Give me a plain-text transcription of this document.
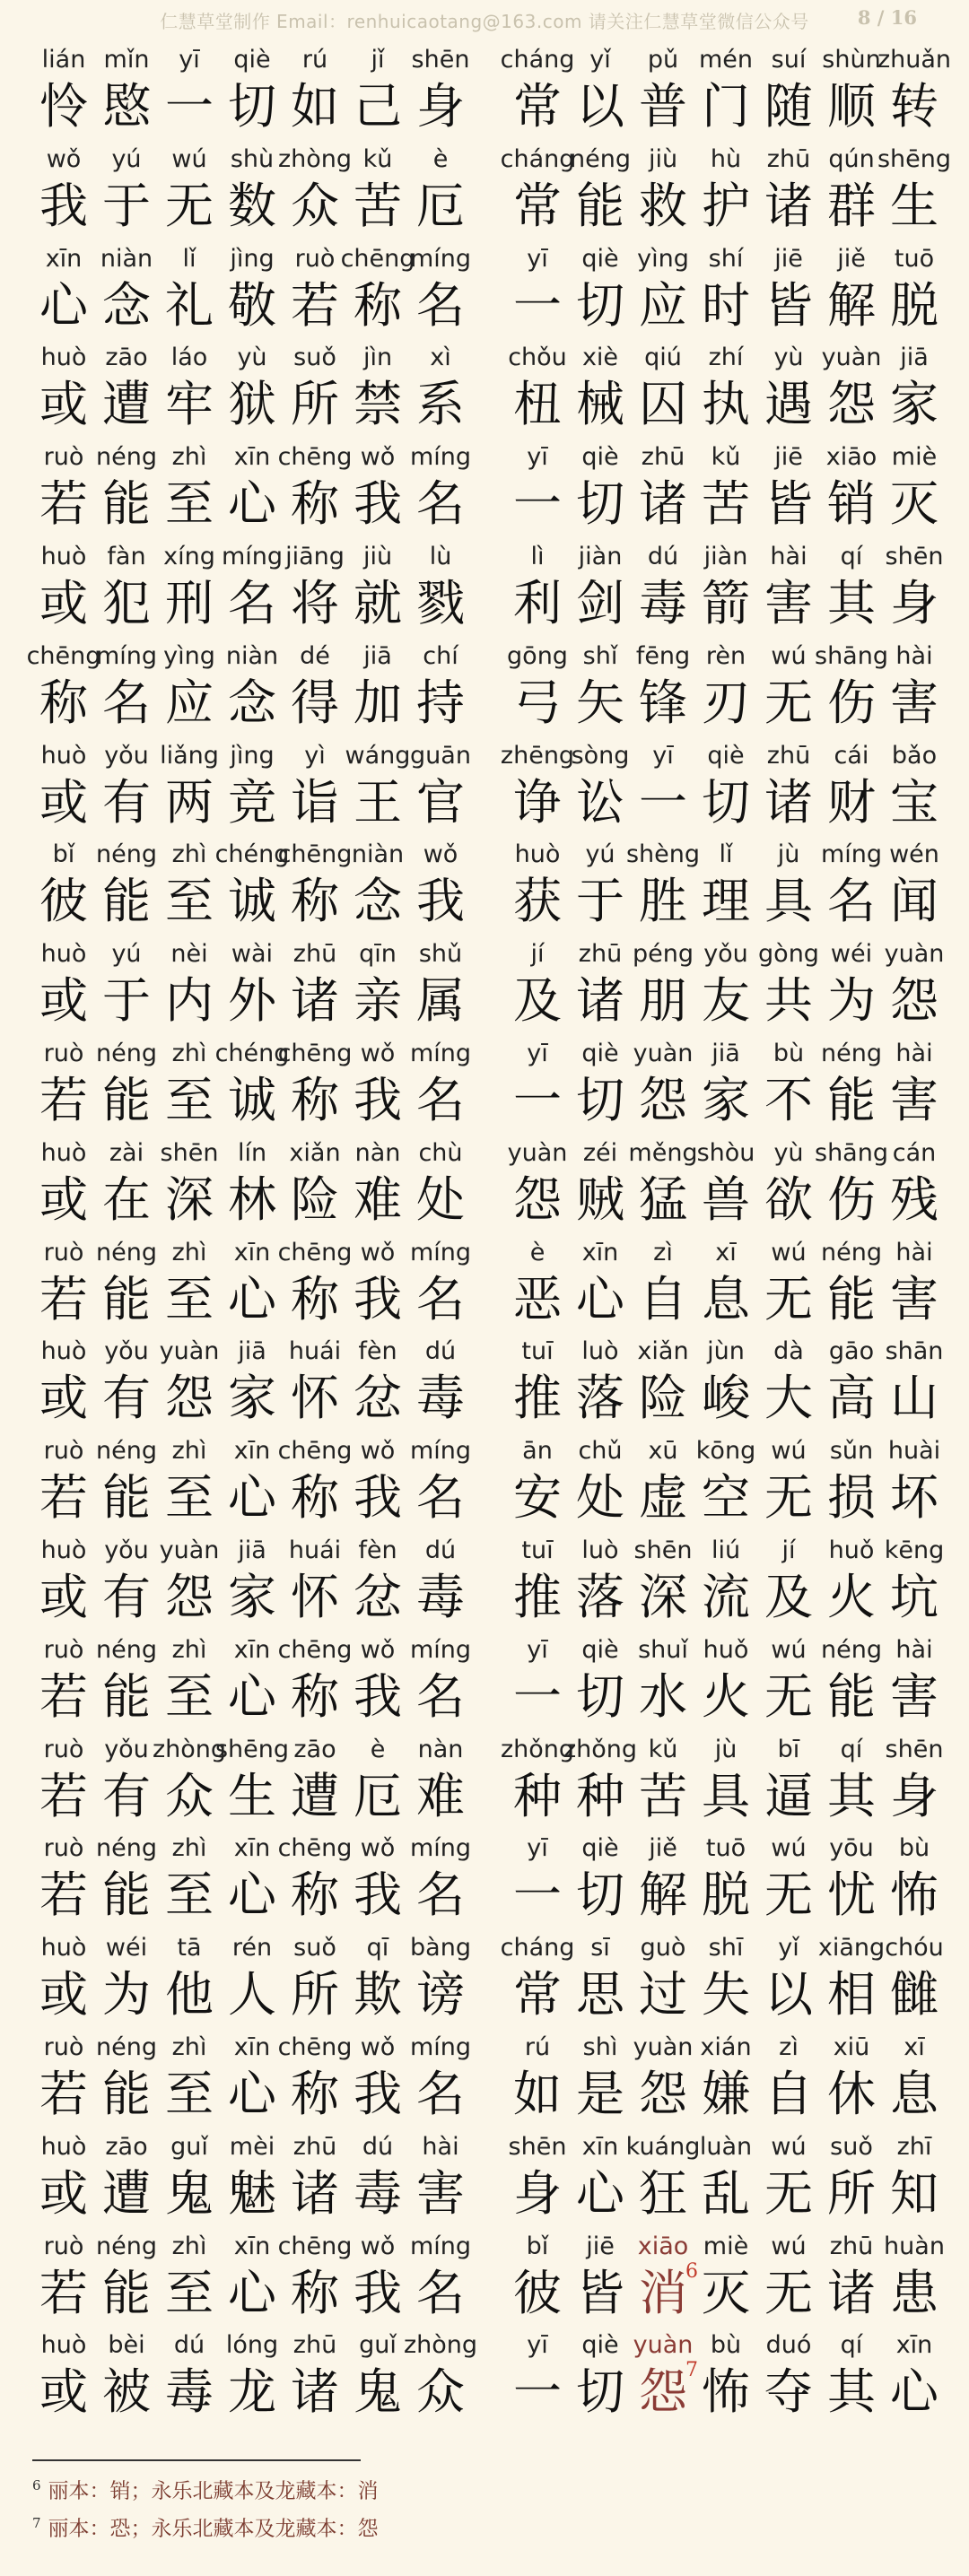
仁慧草堂制作 Email：renhuicaotang@163.com 请关注仁慧草堂微信公众号	8 / 16
lián
怜
mǐn
愍
yī
一
qiè
切
rú
如
jǐ
己
shēn
身
wǒ
我
yú
于
wú
无
shù
数
zhòng
众
kǔ
苦
è
厄
xīn
心
niàn
念
lǐ
礼
jìng
敬
ruò
若
chēng
称
míng
名
huò
或
zāo
遭
láo
牢
yù
狱
suǒ
所
jìn
禁
xì
系
ruò
若
néng
能
zhì
至
xīn
心
chēng
称
wǒ
我
míng
名
huò
或
fàn
犯
xíng
刑
míng
名
jiāng
将
jiù
就
lù
戮
chēng
称
míng
名
yìng
应
niàn
念
dé
得
jiā
加
chí
持
huò
或
yǒu
有
liǎng
两
jìng
竞
yì
诣
wáng
王
guān
官
bǐ
彼
néng
能
zhì
至
chéng
诚
chēng
称
niàn
念
wǒ
我
huò
或
yú
于
nèi
内
wài
外
zhū
诸
qīn
亲
shǔ
属
ruò
若
néng
能
zhì
至
chéng
诚
chēng
称
wǒ
我
míng
名
huò
或
zài
在
shēn
深
lín
林
xiǎn
险
nàn
难
chù
处
ruò
若
néng
能
zhì
至
xīn
心
chēng
称
wǒ
我
míng
名
huò
或
yǒu
有
yuàn
怨
jiā
家
huái
怀
fèn
忿
dú
毒
ruò
若
néng
能
zhì
至
xīn
心
chēng
称
wǒ
我
míng
名
huò
或
yǒu
有
yuàn
怨
jiā
家
huái
怀
fèn
忿
dú
毒
ruò
若
néng
能
zhì
至
xīn
心
chēng
称
wǒ
我
míng
名
ruò
若
yǒu
有
zhòng
众
shēng
生
zāo
遭
è
厄
nàn
难
ruò
若
néng
能
zhì
至
xīn
心
chēng
称
wǒ
我
míng
名
huò
或
wéi
为
tā
他
rén
人
suǒ
所
qī
欺
bàng
谤
ruò
若
néng
能
zhì
至
xīn
心
chēng
称
wǒ
我
míng
名
huò
或
zāo
遭
guǐ
鬼
mèi
魅
zhū
诸
dú
毒
hài
害
ruò
若
néng
能
zhì
至
xīn
心
chēng
称
wǒ
我
míng
名
huò
或
bèi
被
dú
毒
lóng
龙
zhū
诸
guǐ
鬼
zhòng
众
cháng
常
yǐ
以
pǔ
普
mén
门
suí
随
shùn
顺
zhuǎn
转
cháng
常
néng
能
jiù
救
hù
护
zhū
诸
qún
群
shēng
生
yī
一
qiè
切
yìng
应
shí
时
jiē
皆
jiě
解
tuō
脱
chǒu
杻
xiè
械
qiú
囚
zhí
执
yù
遇
yuàn
怨
jiā
家
yī
一
qiè
切
zhū
诸
kǔ
苦
jiē
皆
xiāo
销
miè
灭
lì
利
jiàn
剑
dú
毒
jiàn
箭
hài
害
qí
其
shēn
身
gōng
弓
shǐ
矢
fēng
锋
rèn
刃
wú
无
shāng
伤
hài
害
zhēng
诤
sòng
讼
yī
一
qiè
切
zhū
诸
cái
财
bǎo
宝
huò
获
yú
于
shèng
胜
lǐ
理
jù
具
míng
名
wén
闻
jí
及
zhū
诸
péng
朋
yǒu
友
gòng
共
wéi
为
yuàn
怨
yī
一
qiè
切
yuàn
怨
jiā
家
bù
不
néng
能
hài
害
yuàn
怨
zéi
贼
měng
猛
shòu
兽
yù
欲
shāng
伤
cán
残
è
恶
xīn
心
zì
自
xī
息
wú
无
néng
能
hài
害
tuī
推
luò
落
xiǎn
险
jùn
峻
dà
大
gāo
高
shān
山
ān
安
chǔ
处
xū
虚
kōng
空
wú
无
sǔn
损
huài
坏
tuī
推
luò
落
shēn
深
liú
流
jí
及
huǒ
火
kēng
坑
yī
一
qiè
切
shuǐ
水
huǒ
火
wú
无
néng
能
hài
害
zhǒng
种
zhǒng
种
kǔ
苦
jù
具
bī
逼
qí
其
shēn
身
yī
一
qiè
切
jiě
解
tuō
脱
wú
无
yōu
忧
bù
怖
cháng
常
sī
思
guò
过
shī
失
yǐ
以
xiāng
相
chóu
雠
rú
如
shì
是
yuàn
怨
xián
嫌
zì
自
xiū
休
xī
息
shēn
身
xīn
心
kuáng
狂
luàn
乱
wú
无
suǒ
所
zhī
知
bǐ
彼
jiē
皆
xiāo
消
6
miè
灭
wú
无
zhū
诸
huàn
患
yī
一
qiè
切
yuàn
怨
7
bù
怖
duó
夺
qí
其
xīn
心
$^6$ 丽本：销；永乐北藏本及龙藏本：消
$^7$ 丽本：恐；永乐北藏本及龙藏本：怨
